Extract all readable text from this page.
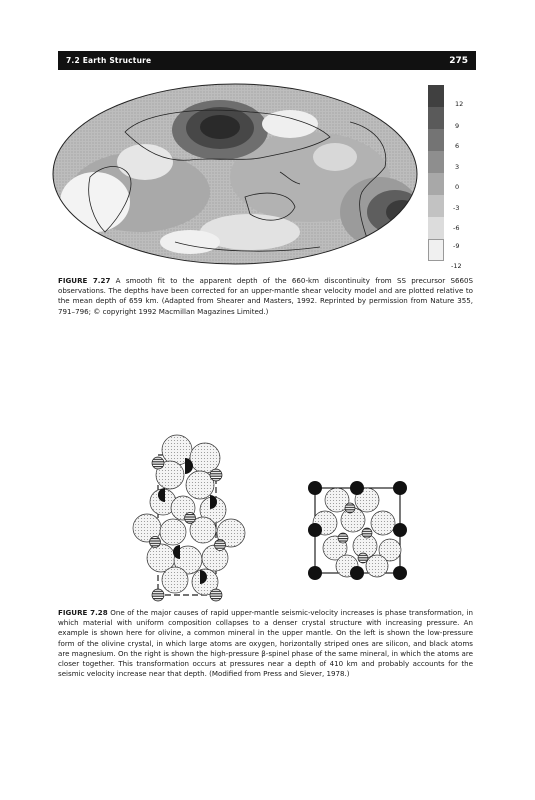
7.2 Earth Structure	275
12
9
6
3
0
-3
-6
-9
-12
FIGURE 7.27 A smooth fit to the apparent depth of the 660-km discontinuity from SS precursor S660S observations. The depths have been corrected for an upper-mantle shear velocity model and are plotted relative to the mean depth of 659 km. (Adapted from Shearer and Masters, 1992. Reprinted by permission from Nature 355, 791–796; © copyright 1992 Macmillan Magazines Limited.)
FIGURE 7.28 One of the major causes of rapid upper-mantle seismic-velocity increases is phase transformation, in which material with uniform composition collapses to a denser crystal structure with increasing pressure. An example is shown here for olivine, a common mineral in the upper mantle. On the left is shown the low-pressure form of the olivine crystal, in which large atoms are oxygen, horizontally striped ones are silicon, and black atoms are magnesium. On the right is shown the high-pressure β-spinel phase of the same mineral, in which the atoms are closer together. This transformation occurs at pressures near a depth of 410 km and probably accounts for the seismic velocity increase near that depth. (Modified from Press and Siever, 1978.)
